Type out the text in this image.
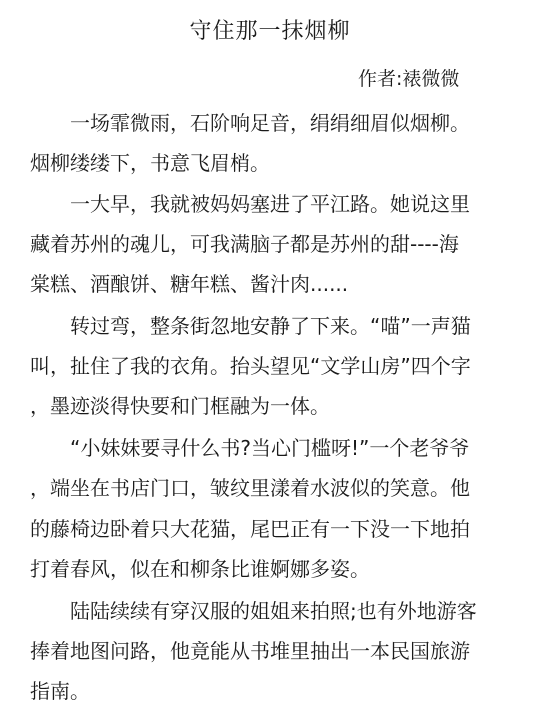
守住那一抹烟柳
作者:裱微微
一场霏微雨，石阶响足音，绢绢细眉似烟柳。
烟柳缕缕下，书意飞眉梢。
一大早，我就被妈妈塞进了平江路。她说这里
藏着苏州的魂儿，可我满脑子都是苏州的甜----海
棠糕、酒酿饼、糖年糕、酱汁肉......
转过弯，整条街忽地安静了下来。“喵”一声猫
叫，扯住了我的衣角。抬头望见“文学山房”四个字
，墨迹淡得快要和门框融为一体。
“小妹妹要寻什么书?当心门槛呀!”一个老爷爷
，端坐在书店门口，皱纹里漾着水波似的笑意。他
的藤椅边卧着只大花猫，尾巴正有一下没一下地拍
打着春风，似在和柳条比谁婀娜多姿。
陆陆续续有穿汉服的姐姐来拍照;也有外地游客
捧着地图问路，他竟能从书堆里抽出一本民国旅游
指南。
